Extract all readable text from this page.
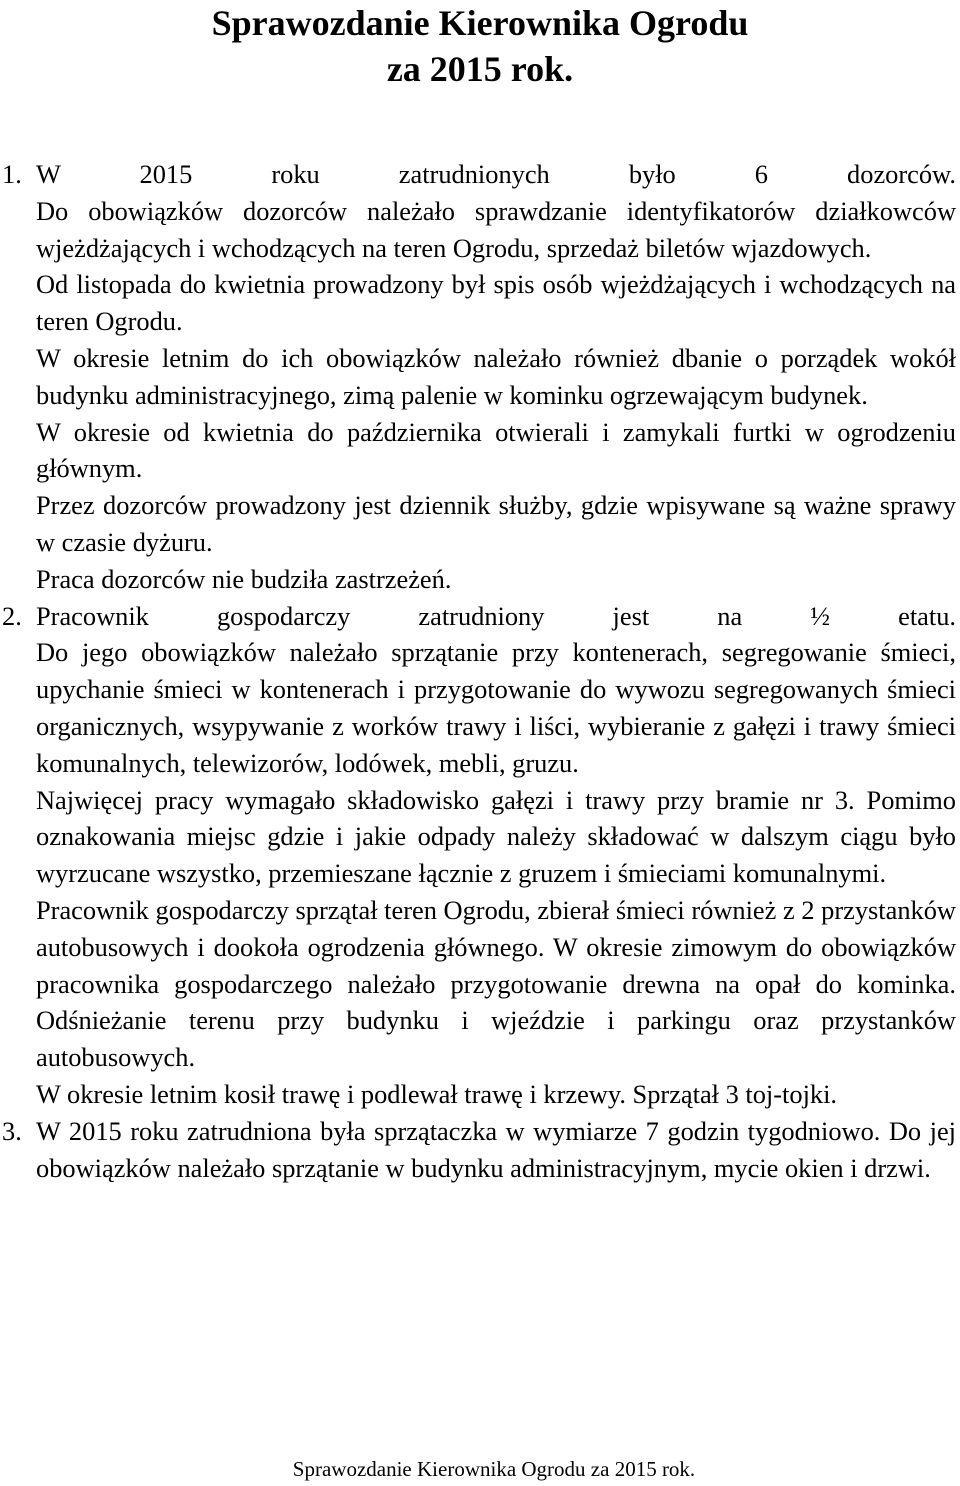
Sprawozdanie Kierownika Ogrodu
za 2015 rok.
1. W 2015 roku zatrudnionych było 6 dozorców.

Do obowiązków dozorców należało sprawdzanie identyfikatorów działkowców wjeżdżających i wchodzących na teren Ogrodu, sprzedaż biletów wjazdowych.

Od listopada do kwietnia prowadzony był spis osób wjeżdżających i wchodzących na teren Ogrodu.

W okresie letnim do ich obowiązków należało również dbanie o porządek wokół budynku administracyjnego, zimą palenie w kominku ogrzewającym budynek.

W okresie od kwietnia do października otwierali i zamykali furtki w ogrodzeniu głównym.

Przez dozorców prowadzony jest dziennik służby, gdzie wpisywane są ważne sprawy w czasie dyżuru.

Praca dozorców nie budziła zastrzeżeń.

2. Pracownik gospodarczy zatrudniony jest na ½ etatu.

Do jego obowiązków należało sprzątanie przy kontenerach, segregowanie śmieci, upychanie śmieci w kontenerach i przygotowanie do wywozu segregowanych śmieci organicznych, wsypywanie z worków trawy i liści, wybieranie z gałęzi i trawy śmieci komunalnych, telewizorów, lodówek, mebli, gruzu.

Najwięcej pracy wymagało składowisko gałęzi i trawy przy bramie nr 3. Pomimo oznakowania miejsc gdzie i jakie odpady należy składować w dalszym ciągu było wyrzucane wszystko, przemieszane łącznie z gruzem i śmieciami komunalnymi.

Pracownik gospodarczy sprzątał teren Ogrodu, zbierał śmieci również z 2 przystanków autobusowych i dookoła ogrodzenia głównego. W okresie zimowym do obowiązków pracownika gospodarczego należało przygotowanie drewna na opał do kominka. Odśnieżanie terenu przy budynku i wjeździe i parkingu oraz przystanków autobusowych.

W okresie letnim kosił trawę i podlewał trawę i krzewy. Sprzątał 3 toj-tojki.

3. W 2015 roku zatrudniona była sprzątaczka w wymiarze 7 godzin tygodniowo. Do jej obowiązków należało sprzątanie w budynku administracyjnym, mycie okien i drzwi.

Sprawozdanie Kierownika Ogrodu za 2015 rok.
